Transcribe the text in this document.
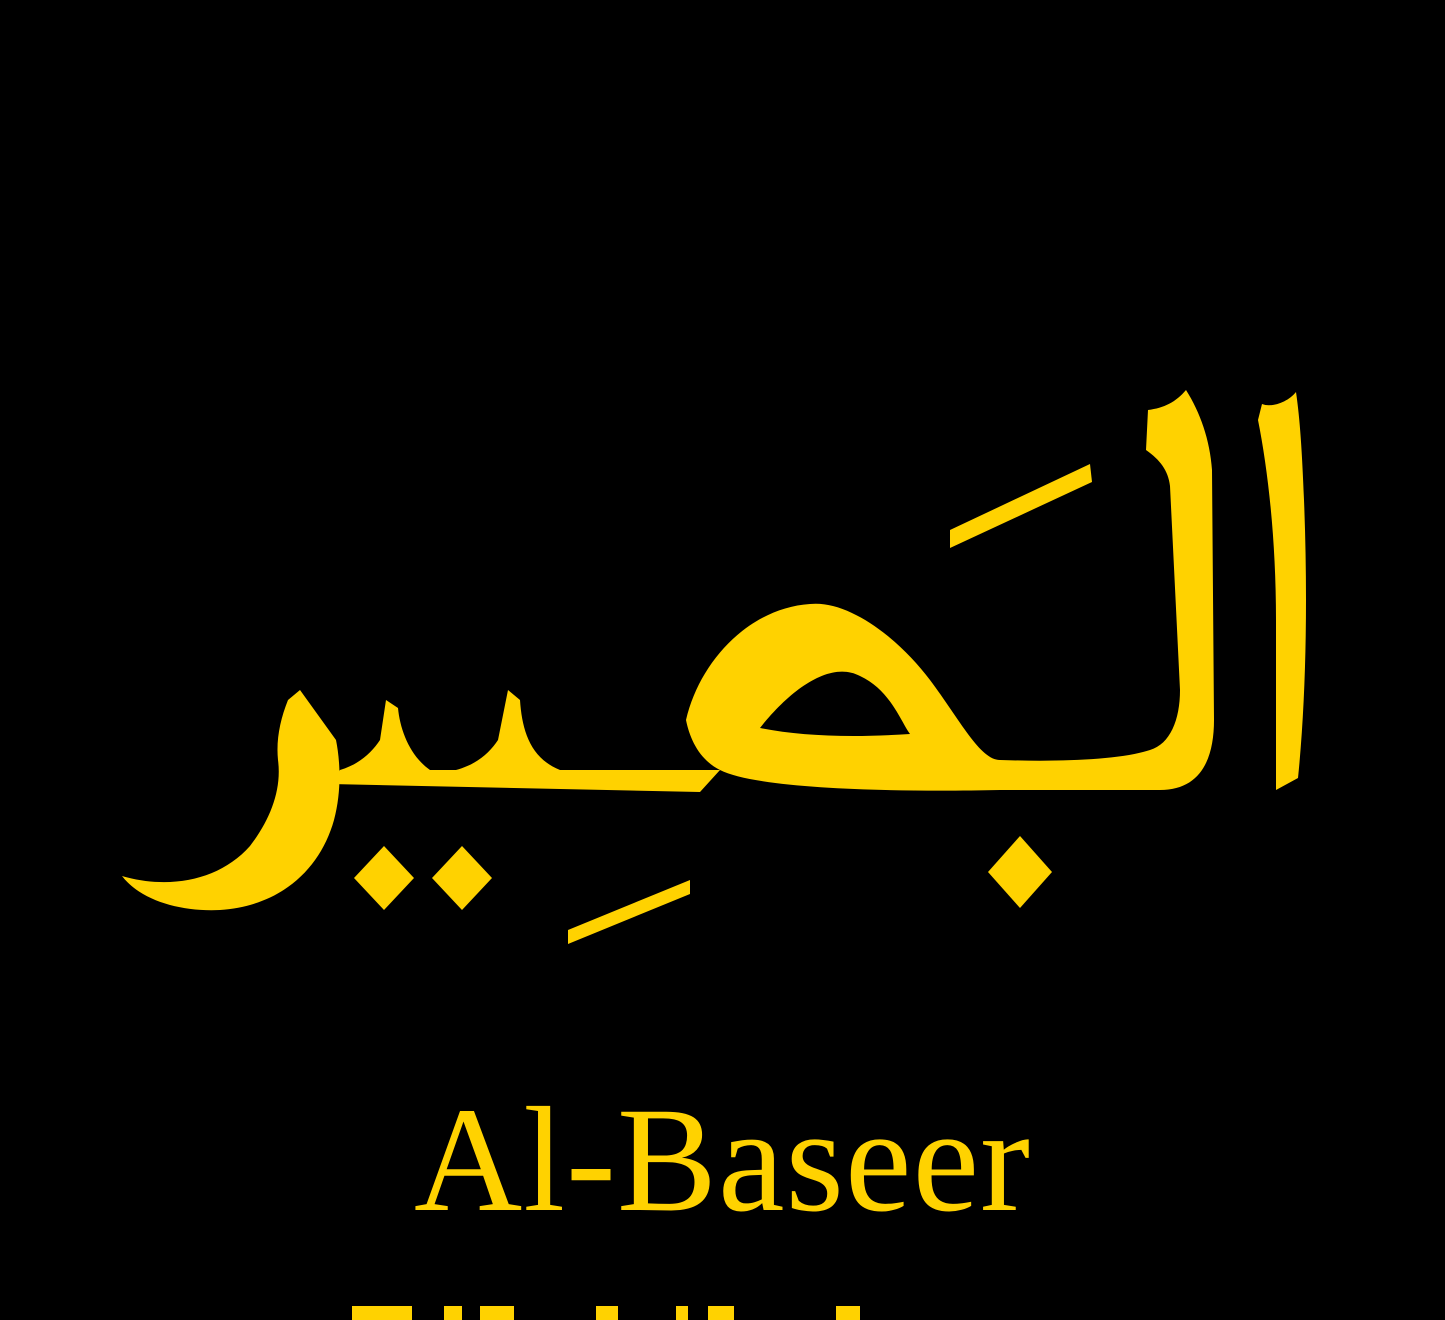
Al-Baseer
